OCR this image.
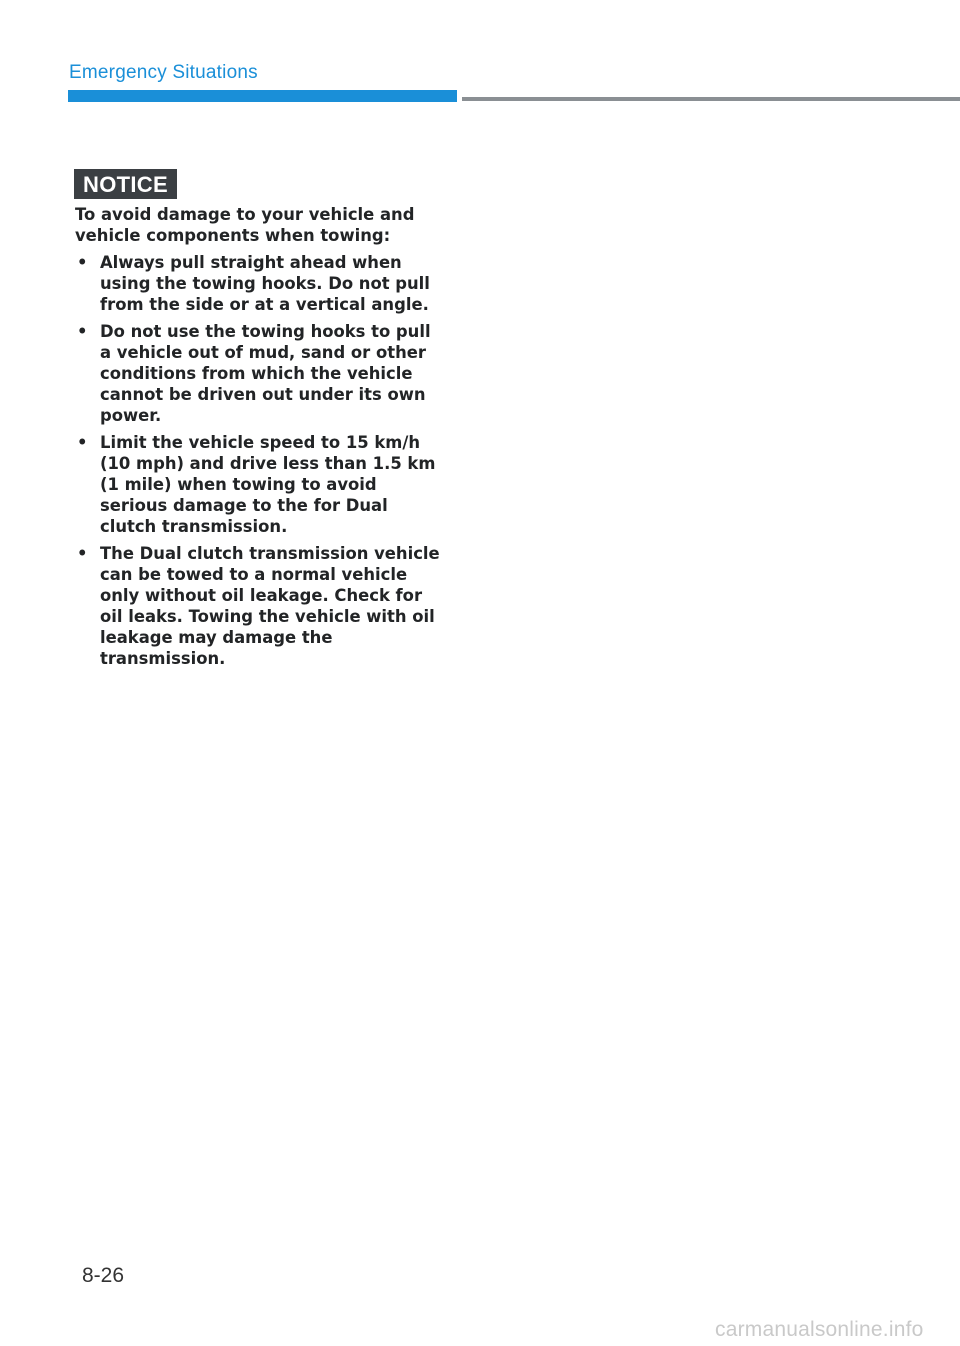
Emergency Situations
NOTICE

To avoid damage to your vehicle and vehicle components when towing:

• Always pull straight ahead when using the towing hooks. Do not pull from the side or at a vertical angle.
• Do not use the towing hooks to pull a vehicle out of mud, sand or other conditions from which the vehicle cannot be driven out under its own power.
• Limit the vehicle speed to 15 km/h (10 mph) and drive less than 1.5 km (1 mile) when towing to avoid serious damage to the for Dual clutch transmission.
• The Dual clutch transmission vehicle can be towed to a normal vehicle only without oil leakage. Check for oil leaks. Towing the vehicle with oil leakage may damage the transmission.
8-26
carmanualsonline.info
